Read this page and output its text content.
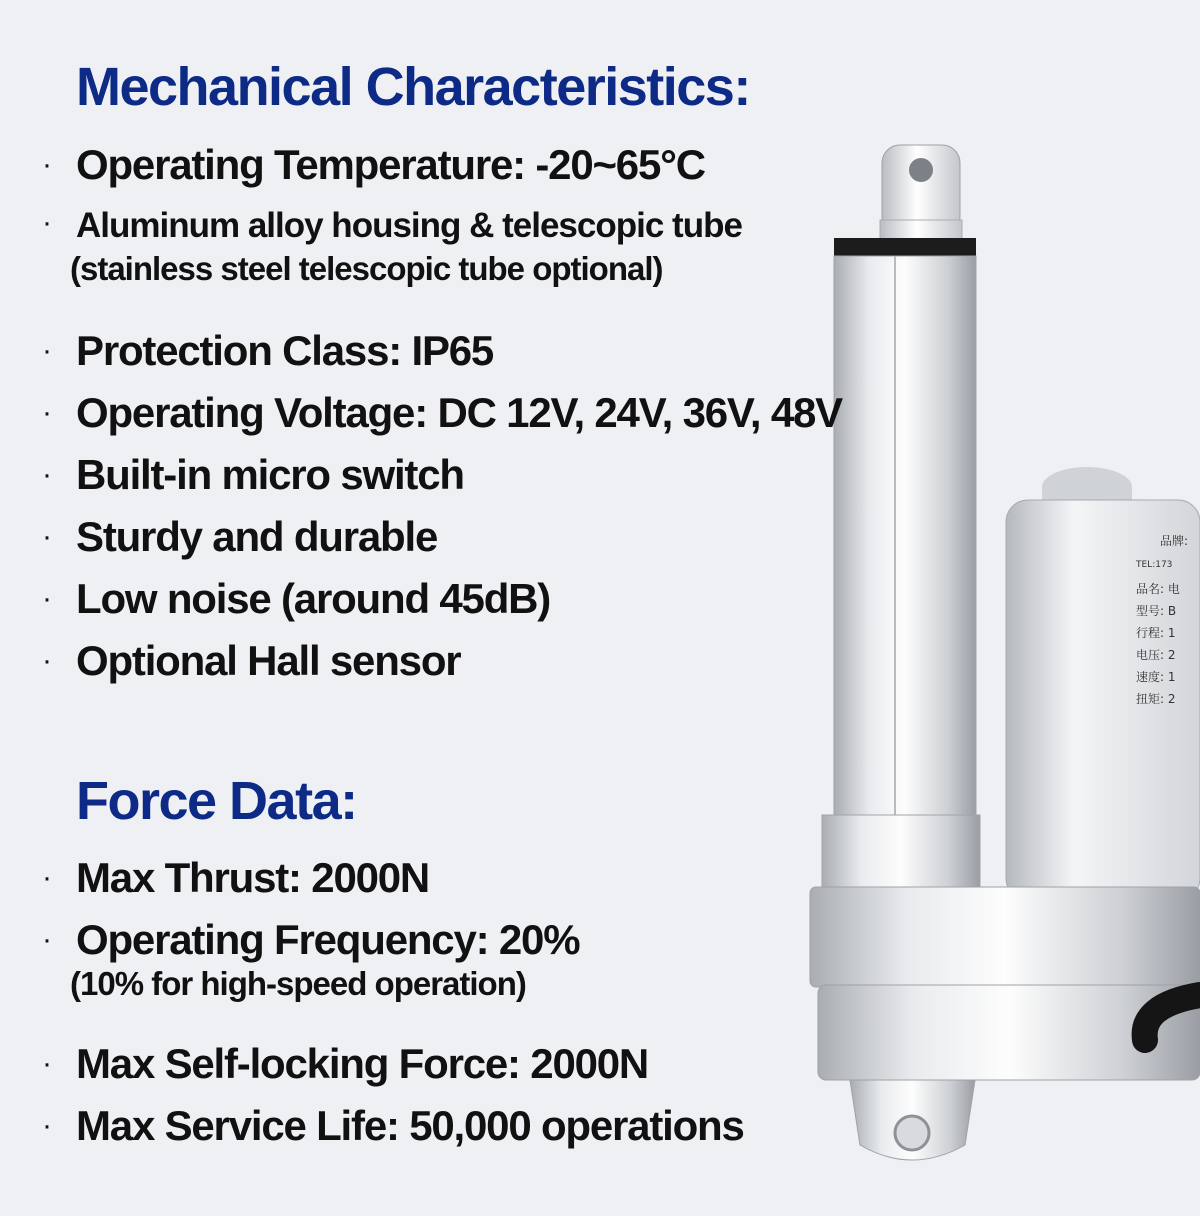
品牌:
TEL:173
品名: 电
型号: B
行程: 1
电压: 2
速度: 1
扭矩: 2
Mechanical Characteristics:
· Operating Temperature: -20~65°C
· Aluminum alloy housing & telescopic tube
(stainless steel telescopic tube optional)
· Protection Class: IP65
· Operating Voltage: DC 12V, 24V, 36V, 48V
· Built-in micro switch
· Sturdy and durable
· Low noise (around 45dB)
· Optional Hall sensor
Force Data:
· Max Thrust: 2000N
· Operating Frequency: 20%
(10% for high-speed operation)
· Max Self-locking Force: 2000N
· Max Service Life: 50,000 operations
